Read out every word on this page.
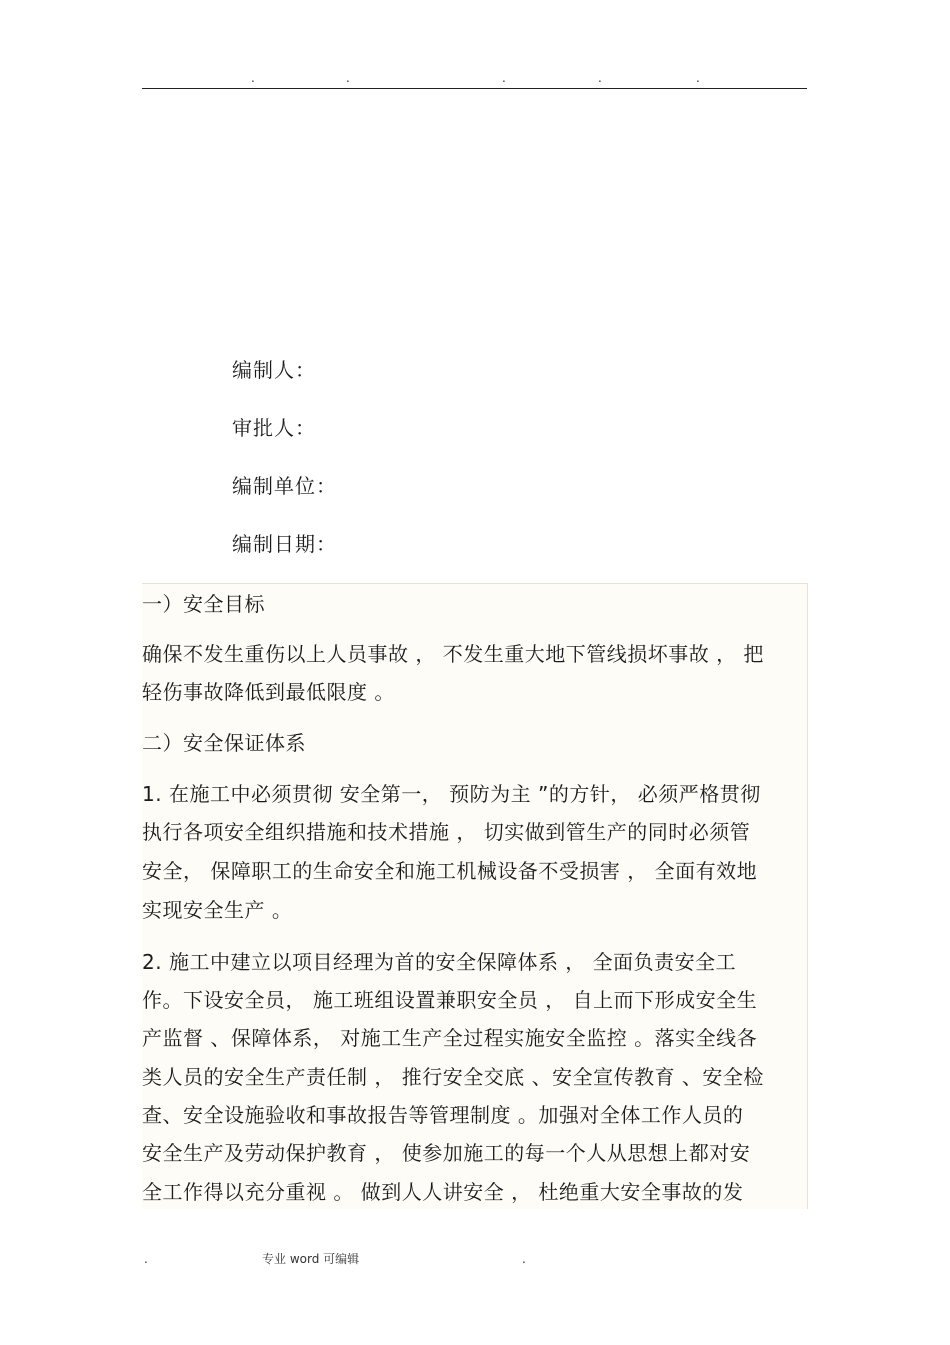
.	.	.	.	.
编制人：
审批人：
编制单位：
编制日期：
一）安全目标
确保不发生重伤以上人员事故 ， 不发生重大地下管线损坏事故 ， 把
轻伤事故降低到最低限度 。
二）安全保证体系
1. 在施工中必须贯彻 安全第一， 预防为主 ”的方针， 必须严格贯彻
执行各项安全组织措施和技术措施 ， 切实做到管生产的同时必须管
安全， 保障职工的生命安全和施工机械设备不受损害 ， 全面有效地
实现安全生产 。
2. 施工中建立以项目经理为首的安全保障体系 ， 全面负责安全工
作。下设安全员， 施工班组设置兼职安全员 ， 自上而下形成安全生
产监督 、保障体系， 对施工生产全过程实施安全监控 。落实全线各
类人员的安全生产责任制 ， 推行安全交底 、安全宣传教育 、安全检
查、安全设施验收和事故报告等管理制度 。加强对全体工作人员的
安全生产及劳动保护教育 ， 使参加施工的每一个人从思想上都对安
全工作得以充分重视 。 做到人人讲安全 ， 杜绝重大安全事故的发
.	专业 word 可编辑	.
